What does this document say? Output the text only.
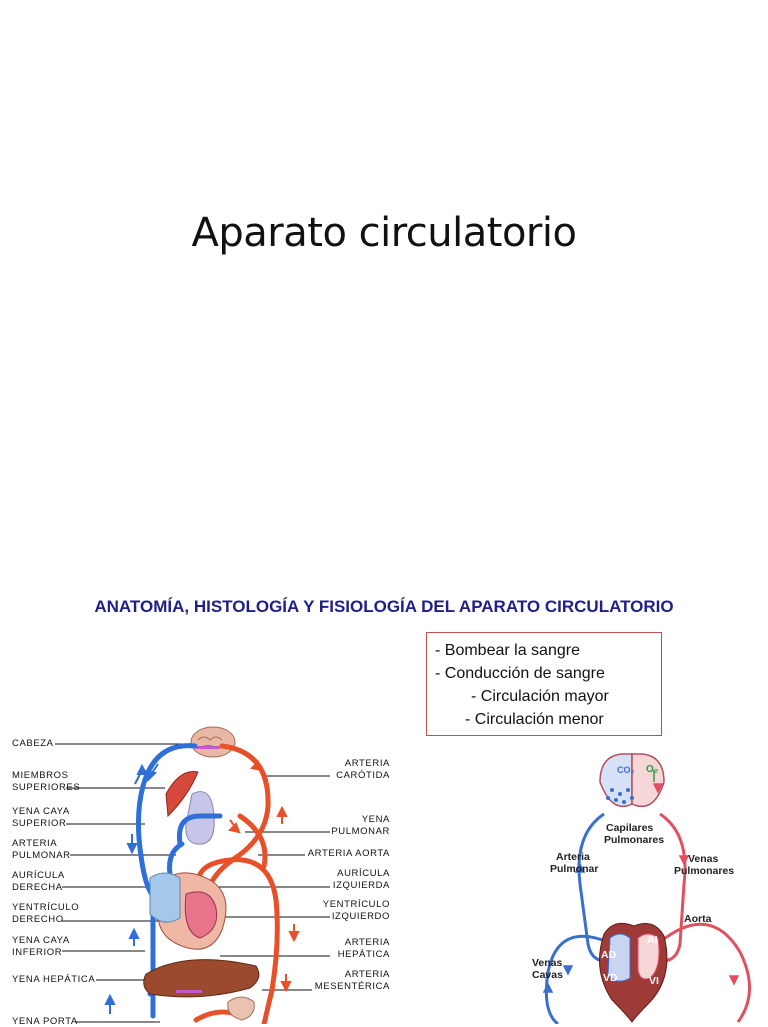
Aparato circulatorio
ANATOMÍA, HISTOLOGÍA Y FISIOLOGÍA DEL APARATO CIRCULATORIO
- Bombear la sangre
- Conducción de sangre
- Circulación mayor
- Circulación menor
CABEZA
MIEMBROS
SUPERIORES
YENA CAYA
SUPERIOR
ARTERIA
PULMONAR
AURÍCULA
DERECHA
YENTRÍCULO
DERECHO
YENA CAYA
INFERIOR
YENA HEPÁTICA
YENA PORTA
ARTERIA
CARÓTIDA
YENA
PULMONAR
ARTERIA AORTA
AURÍCULA
IZQUIERDA
YENTRÍCULO
IZQUIERDO
ARTERIA
HEPÁTICA
ARTERIA
MESENTÉRICA
CO₂ O₂
Capilares
Pulmonares
Arteria
Pulmonar
Venas
Pulmonares
Aorta
Venas
Cavas
AD
VD
AI
VI
